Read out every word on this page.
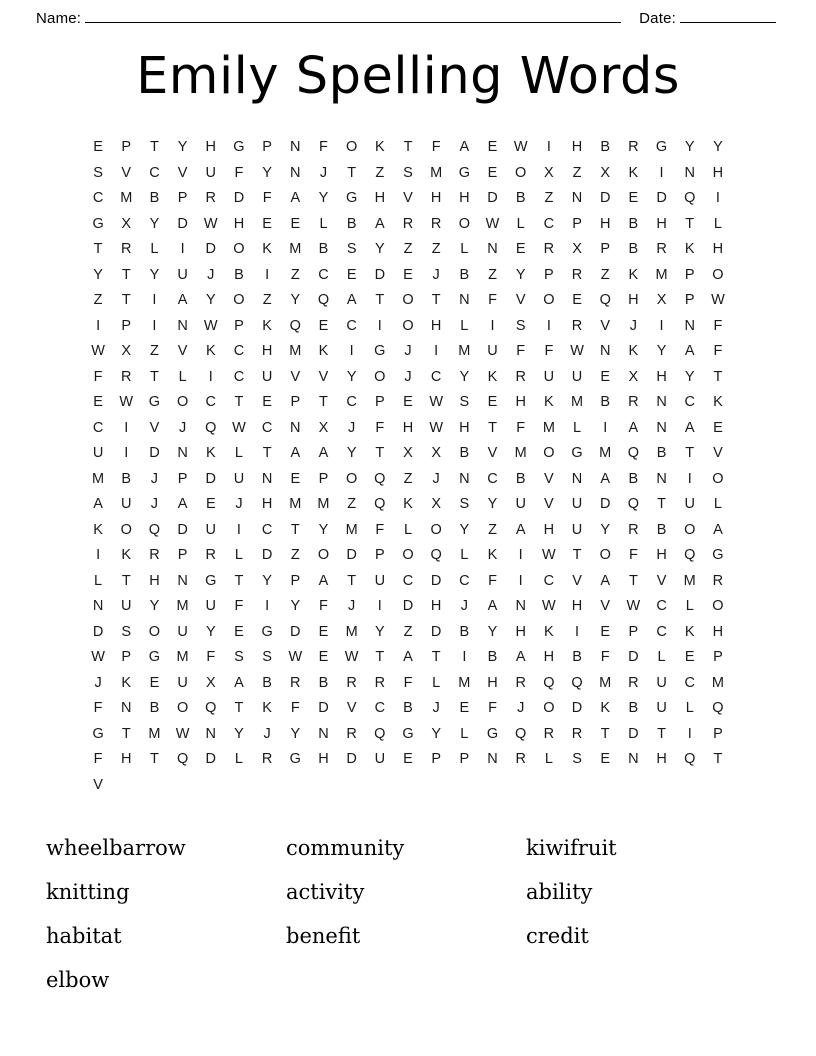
Name:	Date:
Emily Spelling Words
E	P	T	Y	H	G	P	N	F	O	K	T	F	A	E	W	I	H	B	R	G	Y	Y
S	V	C	V	U	F	Y	N	J	T	Z	S	M	G	E	O	X	Z	X	K	I	N	H
C	M	B	P	R	D	F	A	Y	G	H	V	H	H	D	B	Z	N	D	E	D	Q	I
G	X	Y	D	W	H	E	E	L	B	A	R	R	O	W	L	C	P	H	B	H	T	L
T	R	L	I	D	O	K	M	B	S	Y	Z	Z	L	N	E	R	X	P	B	R	K	H
Y	T	Y	U	J	B	I	Z	C	E	D	E	J	B	Z	Y	P	R	Z	K	M	P	O
Z	T	I	A	Y	O	Z	Y	Q	A	T	O	T	N	F	V	O	E	Q	H	X	P	W
I	P	I	N	W	P	K	Q	E	C	I	O	H	L	I	S	I	R	V	J	I	N	F
W	X	Z	V	K	C	H	M	K	I	G	J	I	M	U	F	F	W	N	K	Y	A	F
F	R	T	L	I	C	U	V	V	Y	O	J	C	Y	K	R	U	U	E	X	H	Y	T
E	W	G	O	C	T	E	P	T	C	P	E	W	S	E	H	K	M	B	R	N	C	K
C	I	V	J	Q	W	C	N	X	J	F	H	W	H	T	F	M	L	I	A	N	A	E
U	I	D	N	K	L	T	A	A	Y	T	X	X	B	V	M	O	G	M	Q	B	T	V
M	B	J	P	D	U	N	E	P	O	Q	Z	J	N	C	B	V	N	A	B	N	I	O
A	U	J	A	E	J	H	M	M	Z	Q	K	X	S	Y	U	V	U	D	Q	T	U	L
K	O	Q	D	U	I	C	T	Y	M	F	L	O	Y	Z	A	H	U	Y	R	B	O	A
I	K	R	P	R	L	D	Z	O	D	P	O	Q	L	K	I	W	T	O	F	H	Q	G
L	T	H	N	G	T	Y	P	A	T	U	C	D	C	F	I	C	V	A	T	V	M	R
N	U	Y	M	U	F	I	Y	F	J	I	D	H	J	A	N	W	H	V	W	C	L	O
D	S	O	U	Y	E	G	D	E	M	Y	Z	D	B	Y	H	K	I	E	P	C	K	H
W	P	G	M	F	S	S	W	E	W	T	A	T	I	B	A	H	B	F	D	L	E	P
J	K	E	U	X	A	B	R	B	R	R	F	L	M	H	R	Q	Q	M	R	U	C	M
F	N	B	O	Q	T	K	F	D	V	C	B	J	E	F	J	O	D	K	B	U	L	Q
G	T	M	W	N	Y	J	Y	N	R	Q	G	Y	L	G	Q	R	R	T	D	T	I	P
F	H	T	Q	D	L	R	G	H	D	U	E	P	P	N	R	L	S	E	N	H	Q	T
V
wheelbarrow	community	kiwifruit
knitting	activity	ability
habitat	benefit	credit
elbow
